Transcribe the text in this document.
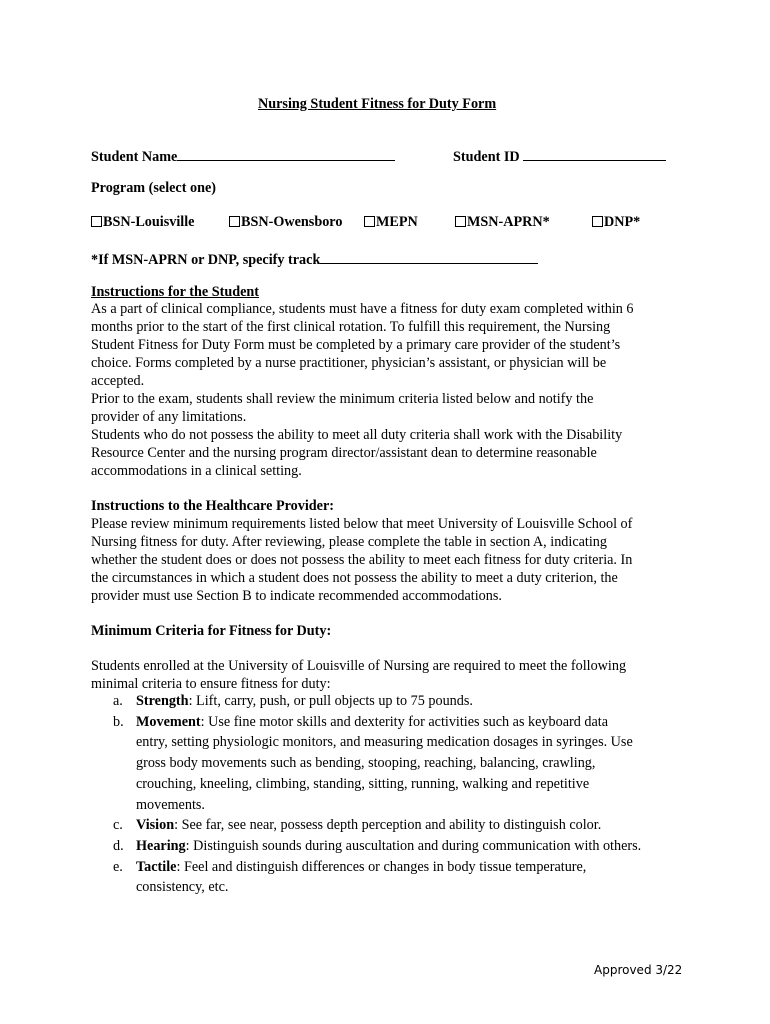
Nursing Student Fitness for Duty Form
Student Name	Student ID
Program (select one)
BSN-Louisville	BSN-Owensboro	MEPN	MSN-APRN*	DNP*
*If MSN-APRN or DNP, specify track
Instructions for the Student
As a part of clinical compliance, students must have a fitness for duty exam completed within 6
months prior to the start of the first clinical rotation. To fulfill this requirement, the Nursing
Student Fitness for Duty Form must be completed by a primary care provider of the student’s
choice. Forms completed by a nurse practitioner, physician’s assistant, or physician will be
accepted.
Prior to the exam, students shall review the minimum criteria listed below and notify the
provider of any limitations.
Students who do not possess the ability to meet all duty criteria shall work with the Disability
Resource Center and the nursing program director/assistant dean to determine reasonable
accommodations in a clinical setting.
Instructions to the Healthcare Provider:
Please review minimum requirements listed below that meet University of Louisville School of
Nursing fitness for duty. After reviewing, please complete the table in section A, indicating
whether the student does or does not possess the ability to meet each fitness for duty criteria. In
the circumstances in which a student does not possess the ability to meet a duty criterion, the
provider must use Section B to indicate recommended accommodations.
Minimum Criteria for Fitness for Duty:
Students enrolled at the University of Louisville of Nursing are required to meet the following
minimal criteria to ensure fitness for duty:
a. Strength: Lift, carry, push, or pull objects up to 75 pounds.
b. Movement: Use fine motor skills and dexterity for activities such as keyboard data
entry, setting physiologic monitors, and measuring medication dosages in syringes. Use
gross body movements such as bending, stooping, reaching, balancing, crawling,
crouching, kneeling, climbing, standing, sitting, running, walking and repetitive
movements.
c. Vision: See far, see near, possess depth perception and ability to distinguish color.
d. Hearing: Distinguish sounds during auscultation and during communication with others.
e. Tactile: Feel and distinguish differences or changes in body tissue temperature,
consistency, etc.
Approved 3/22
